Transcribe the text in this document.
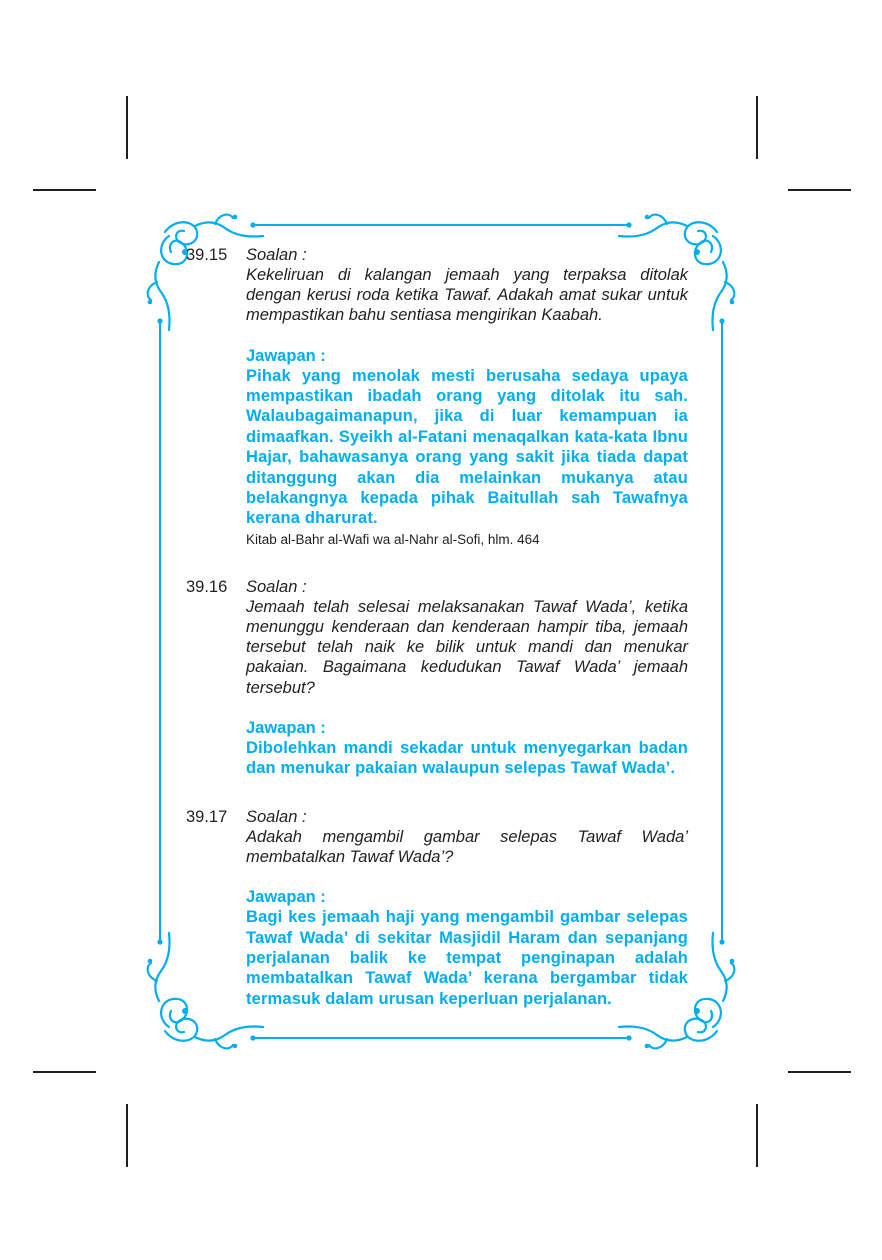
39.15	Soalan :

Kekeliruan di kalangan jemaah yang terpaksa ditolak dengan kerusi roda ketika Tawaf. Adakah amat sukar untuk mempastikan bahu sentiasa mengirikan Kaabah.

Jawapan :

Pihak yang menolak mesti berusaha sedaya upaya mempastikan ibadah orang yang ditolak itu sah. Walaubagaimanapun, jika di luar kemampuan ia dimaafkan. Syeikh al-Fatani menaqalkan kata-kata Ibnu Hajar, bahawasanya orang yang sakit jika tiada dapat ditanggung akan dia melainkan mukanya atau belakangnya kepada pihak Baitullah sah Tawafnya kerana dharurat.

Kitab al-Bahr al-Wafi wa al-Nahr al-Sofi, hlm. 464

39.16	Soalan :

Jemaah telah selesai melaksanakan Tawaf Wada’, ketika menunggu kenderaan dan kenderaan hampir tiba, jemaah tersebut telah naik ke bilik untuk mandi dan menukar pakaian. Bagaimana kedudukan Tawaf Wada’ jemaah tersebut?

Jawapan :

Dibolehkan mandi sekadar untuk menyegarkan badan dan menukar pakaian walaupun selepas Tawaf Wada’.

39.17	Soalan :

Adakah mengambil gambar selepas Tawaf Wada’ membatalkan Tawaf Wada’?

Jawapan :

Bagi kes jemaah haji yang mengambil gambar selepas Tawaf Wada’ di sekitar Masjidil Haram dan sepanjang perjalanan balik ke tempat penginapan adalah membatalkan Tawaf Wada’ kerana bergambar tidak termasuk dalam urusan keperluan perjalanan.
